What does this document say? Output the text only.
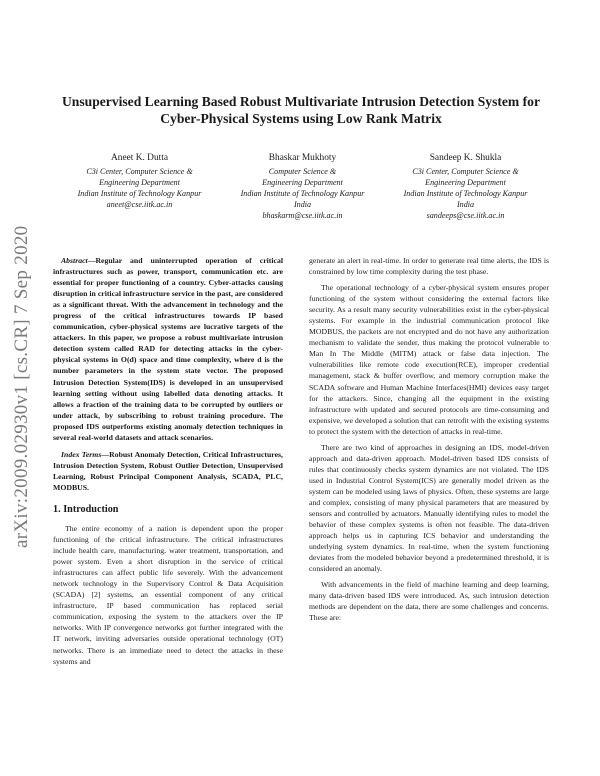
arXiv:2009.02930v1 [cs.CR] 7 Sep 2020
Unsupervised Learning Based Robust Multivariate Intrusion Detection System for Cyber-Physical Systems using Low Rank Matrix
Aneet K. Dutta
C3i Center, Computer Science &
Engineering Department
Indian Institute of Technology Kanpur
aneet@cse.iitk.ac.in
Bhaskar Mukhoty
Computer Science &
Engineering Department
Indian Institute of Technology Kanpur
India
bhaskarm@cse.iitk.ac.in
Sandeep K. Shukla
C3i Center, Computer Science &
Engineering Department
Indian Institute of Technology Kanpur
India
sandeeps@cse.iitk.ac.in

Abstract—Regular and uninterrupted operation of critical infrastructures such as power, transport, communication etc. are essential for proper functioning of a country. Cyber-attacks causing disruption in critical infrastructure service in the past, are considered as a significant threat. With the advancement in technology and the progress of the critical infrastructures towards IP based communication, cyber-physical systems are lucrative targets of the attackers. In this paper, we propose a robust multivariate intrusion detection system called RAD for detecting attacks in the cyber-physical systems in O(d) space and time complexity, where d is the number parameters in the system state vector. The proposed Intrusion Detection System(IDS) is developed in an unsupervised learning setting without using labelled data denoting attacks. It allows a fraction of the training data to be corrupted by outliers or under attack, by subscribing to robust training procedure. The proposed IDS outperforms existing anomaly detection techniques in several real-world datasets and attack scenarios.

Index Terms—Robust Anomaly Detection, Critical Infrastructures, Intrusion Detection System, Robust Outlier Detection, Unsupervised Learning, Robust Principal Component Analysis, SCADA, PLC, MODBUS.

1. Introduction

The entire economy of a nation is dependent upon the proper functioning of the critical infrastructure. The critical infrastructures include health care, manufacturing, water treatment, transportation, and power system. Even a short disruption in the service of critical infrastructures can affect public life severely. With the advancement network technology in the Supervisory Control & Data Acquisition (SCADA) [2] systems, an essential component of any critical infrastructure, IP based communication has replaced serial communication, exposing the system to the attackers over the IP networks. With IP convergence networks got further integrated with the IT network, inviting adversaries outside operational technology (OT) networks. There is an immediate need to detect the attacks in these systems and

generate an alert in real-time. In order to generate real time alerts, the IDS is constrained by low time complexity during the test phase.

The operational technology of a cyber-physical system ensures proper functioning of the system without considering the external factors like security. As a result many security vulnerabilities exist in the cyber-physical systems. For example in the industrial communication protocol like MODBUS, the packets are not encrypted and do not have any authorization mechanism to validate the sender, thus making the protocol vulnerable to Man In The Middle (MITM) attack or false data injection. The vulnerabilities like remote code execution(RCE), improper credential management, stack & buffer overflow, and memory corruption make the SCADA software and Human Machine Interfaces(HMI) devices easy target for the attackers. Since, changing all the equipment in the existing infrastructure with updated and secured protocols are time-consuming and expensive, we developed a solution that can retrofit with the existing systems to protect the system with the detection of attacks in real-time.

There are two kind of approaches in designing an IDS, model-driven approach and data-driven approach. Model-driven based IDS consists of rules that continuously checks system dynamics are not violated. The IDS used in Industrial Control System(ICS) are generally model driven as the system can be modeled using laws of physics. Often, these systems are large and complex, consisting of many physical parameters that are measured by sensors and controlled by actuators. Manually identifying rules to model the behavior of these complex systems is often not feasible. The data-driven approach helps us in capturing ICS behavior and understanding the underlying system dynamics. In real-time, when the system functioning deviates from the modeled behavior beyond a predetermined threshold, it is considered an anomaly.

With advancements in the field of machine learning and deep learning, many data-driven based IDS were introduced. As, such intrusion detection methods are dependent on the data, there are some challenges and concerns. These are:
